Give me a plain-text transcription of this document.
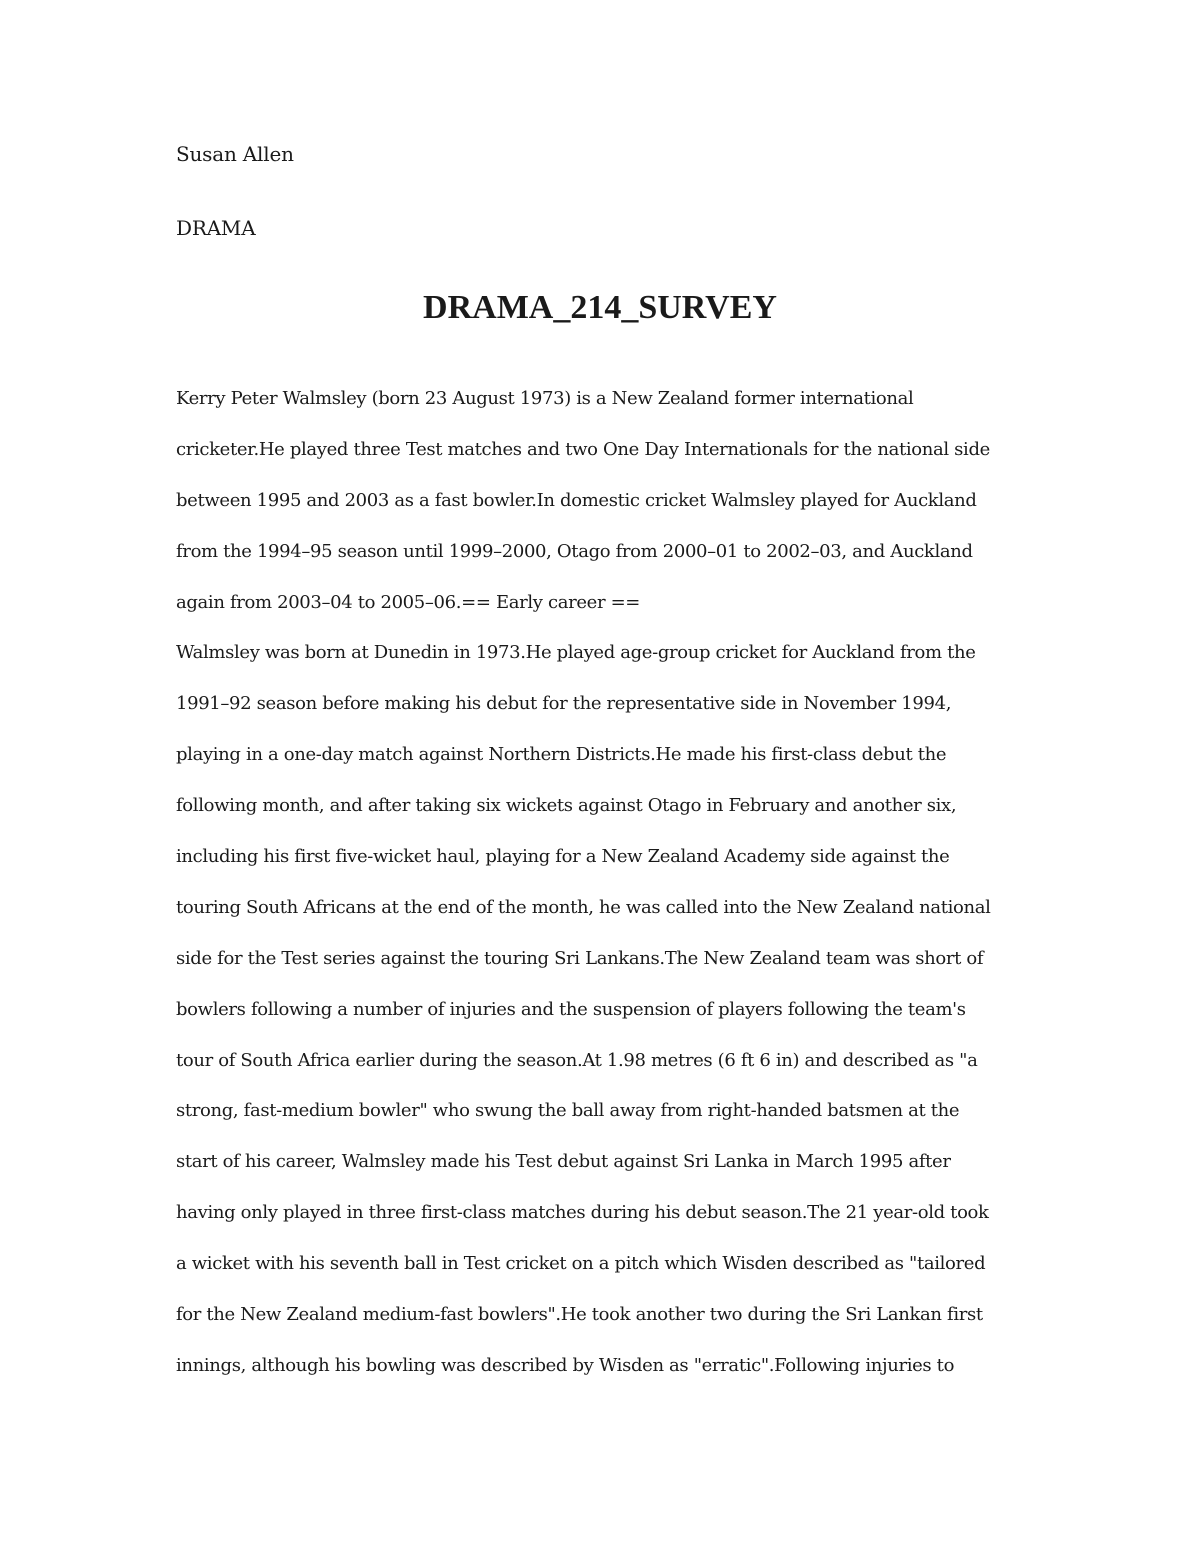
Susan Allen
DRAMA
DRAMA_214_SURVEY
Kerry Peter Walmsley (born 23 August 1973) is a New Zealand former international
cricketer.He played three Test matches and two One Day Internationals for the national side
between 1995 and 2003 as a fast bowler.In domestic cricket Walmsley played for Auckland
from the 1994–95 season until 1999–2000, Otago from 2000–01 to 2002–03, and Auckland
again from 2003–04 to 2005–06.== Early career ==
Walmsley was born at Dunedin in 1973.He played age-group cricket for Auckland from the
1991–92 season before making his debut for the representative side in November 1994,
playing in a one-day match against Northern Districts.He made his first-class debut the
following month, and after taking six wickets against Otago in February and another six,
including his first five-wicket haul, playing for a New Zealand Academy side against the
touring South Africans at the end of the month, he was called into the New Zealand national
side for the Test series against the touring Sri Lankans.The New Zealand team was short of
bowlers following a number of injuries and the suspension of players following the team's
tour of South Africa earlier during the season.At 1.98 metres (6 ft 6 in) and described as "a
strong, fast-medium bowler" who swung the ball away from right-handed batsmen at the
start of his career, Walmsley made his Test debut against Sri Lanka in March 1995 after
having only played in three first-class matches during his debut season.The 21 year-old took
a wicket with his seventh ball in Test cricket on a pitch which Wisden described as "tailored
for the New Zealand medium-fast bowlers".He took another two during the Sri Lankan first
innings, although his bowling was described by Wisden as "erratic".Following injuries to
